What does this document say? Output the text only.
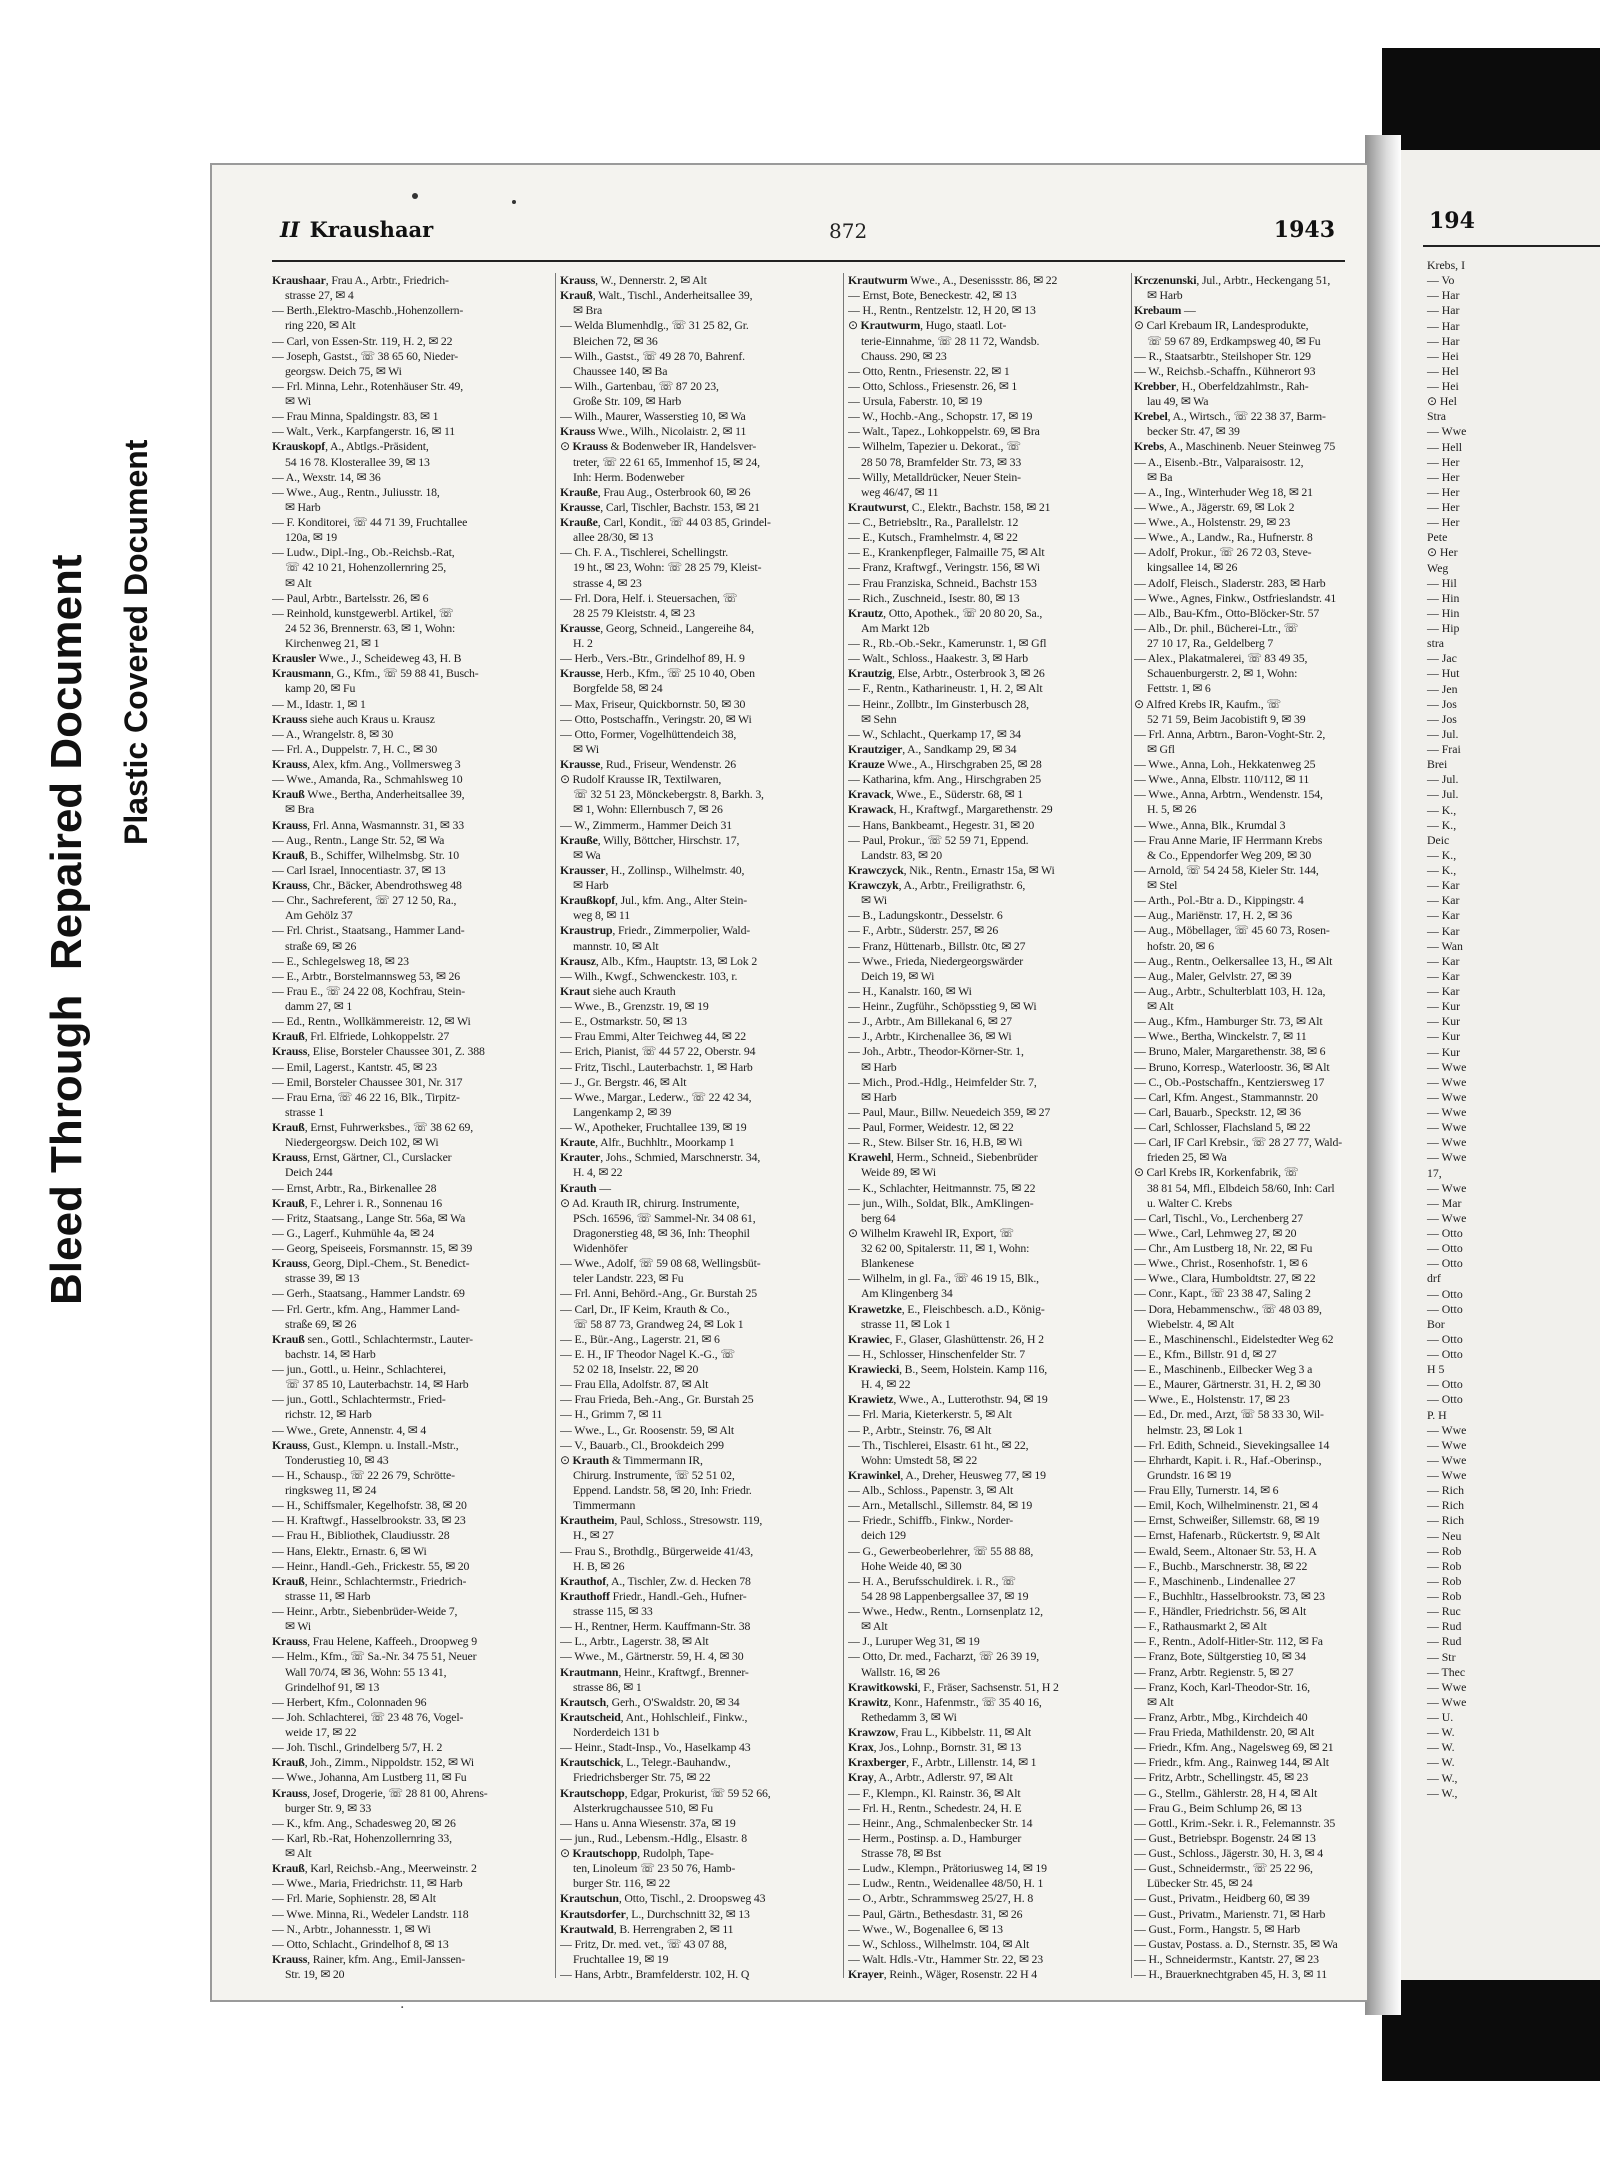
Bleed Through  Repaired Document Plastic Covered Document
II Kraushaar	872	1943
Kraushaar, Frau A., Arbtr., Friedrich-
strasse 27, ✉ 4
— Berth.,Elektro-Maschb.,Hohenzollern-
ring 220, ✉ Alt
— Carl, von Essen-Str. 119, H. 2, ✉ 22
— Joseph, Gastst., ☏ 38 65 60, Nieder-
georgsw. Deich 75, ✉ Wi
— Frl. Minna, Lehr., Rotenhäuser Str. 49,
✉ Wi
— Frau Minna, Spaldingstr. 83, ✉ 1
— Walt., Verk., Karpfangerstr. 16, ✉ 11
Krauskopf, A., Abtlgs.-Präsident,
54 16 78. Klosterallee 39, ✉ 13
— A., Wexstr. 14, ✉ 36
— Wwe., Aug., Rentn., Juliusstr. 18,
✉ Harb
— F. Konditorei, ☏ 44 71 39, Fruchtallee
120a, ✉ 19
— Ludw., Dipl.-Ing., Ob.-Reichsb.-Rat,
☏ 42 10 21, Hohenzollernring 25,
✉ Alt
— Paul, Arbtr., Bartelsstr. 26, ✉ 6
— Reinhold, kunstgewerbl. Artikel, ☏
24 52 36, Brennerstr. 63, ✉ 1, Wohn:
Kirchenweg 21, ✉ 1
Krausler Wwe., J., Scheideweg 43, H. B
Krausmann, G., Kfm., ☏ 59 88 41, Busch-
kamp 20, ✉ Fu
— M., Idastr. 1, ✉ 1
Krauss siehe auch Kraus u. Krausz
— A., Wrangelstr. 8, ✉ 30
— Frl. A., Duppelstr. 7, H. C., ✉ 30
Krauss, Alex, kfm. Ang., Vollmersweg 3
— Wwe., Amanda, Ra., Schmahlsweg 10
Krauß Wwe., Bertha, Anderheitsallee 39,
✉ Bra
Krauss, Frl. Anna, Wasmannstr. 31, ✉ 33
— Aug., Rentn., Lange Str. 52, ✉ Wa
Krauß, B., Schiffer, Wilhelmsbg. Str. 10
— Carl Israel, Innocentiastr. 37, ✉ 13
Krauss, Chr., Bäcker, Abendrothsweg 48
— Chr., Sachreferent, ☏ 27 12 50, Ra.,
Am Gehölz 37
— Frl. Christ., Staatsang., Hammer Land-
straße 69, ✉ 26
— E., Schlegelsweg 18, ✉ 23
— E., Arbtr., Borstelmannsweg 53, ✉ 26
— Frau E., ☏ 24 22 08, Kochfrau, Stein-
damm 27, ✉ 1
— Ed., Rentn., Wollkämmereistr. 12, ✉ Wi
Krauß, Frl. Elfriede, Lohkoppelstr. 27
Krauss, Elise, Borsteler Chaussee 301, Z. 388
— Emil, Lagerst., Kantstr. 45, ✉ 23
— Emil, Borsteler Chaussee 301, Nr. 317
— Frau Erna, ☏ 46 22 16, Blk., Tirpitz-
strasse 1
Krauß, Ernst, Fuhrwerksbes., ☏ 38 62 69,
Niedergeorgsw. Deich 102, ✉ Wi
Krauss, Ernst, Gärtner, Cl., Curslacker
Deich 244
— Ernst, Arbtr., Ra., Birkenallee 28
Krauß, F., Lehrer i. R., Sonnenau 16
— Fritz, Staatsang., Lange Str. 56a, ✉ Wa
— G., Lagerf., Kuhmühle 4a, ✉ 24
— Georg, Speiseeis, Forsmannstr. 15, ✉ 39
Krauss, Georg, Dipl.-Chem., St. Benedict-
strasse 39, ✉ 13
— Gerh., Staatsang., Hammer Landstr. 69
— Frl. Gertr., kfm. Ang., Hammer Land-
straße 69, ✉ 26
Krauß sen., Gottl., Schlachtermstr., Lauter-
bachstr. 14, ✉ Harb
— jun., Gottl., u. Heinr., Schlachterei,
☏ 37 85 10, Lauterbachstr. 14, ✉ Harb
— jun., Gottl., Schlachtermstr., Fried-
richstr. 12, ✉ Harb
— Wwe., Grete, Annenstr. 4, ✉ 4
Krauss, Gust., Klempn. u. Install.-Mstr.,
Tonderustieg 10, ✉ 43
— H., Schausp., ☏ 22 26 79, Schrötte-
ringksweg 11, ✉ 24
— H., Schiffsmaler, Kegelhofstr. 38, ✉ 20
— H. Kraftwgf., Hasselbrookstr. 33, ✉ 23
— Frau H., Bibliothek, Claudiusstr. 28
— Hans, Elektr., Ernastr. 6, ✉ Wi
— Heinr., Handl.-Geh., Frickestr. 55, ✉ 20
Krauß, Heinr., Schlachtermstr., Friedrich-
strasse 11, ✉ Harb
— Heinr., Arbtr., Siebenbrüder-Weide 7,
✉ Wi
Krauss, Frau Helene, Kaffeeh., Droopweg 9
— Helm., Kfm., ☏ Sa.-Nr. 34 75 51, Neuer
Wall 70/74, ✉ 36, Wohn: 55 13 41,
Grindelhof 91, ✉ 13
— Herbert, Kfm., Colonnaden 96
— Joh. Schlachterei, ☏ 23 48 76, Vogel-
weide 17, ✉ 22
— Joh. Tischl., Grindelberg 5/7, H. 2
Krauß, Joh., Zimm., Nippoldstr. 152, ✉ Wi
— Wwe., Johanna, Am Lustberg 11, ✉ Fu
Krauss, Josef, Drogerie, ☏ 28 81 00, Ahrens-
burger Str. 9, ✉ 33
— K., kfm. Ang., Schadesweg 20, ✉ 26
— Karl, Rb.-Rat, Hohenzollernring 33,
✉ Alt
Krauß, Karl, Reichsb.-Ang., Meerweinstr. 2
— Wwe., Maria, Friedrichstr. 11, ✉ Harb
— Frl. Marie, Sophienstr. 28, ✉ Alt
— Wwe. Minna, Ri., Wedeler Landstr. 118
— N., Arbtr., Johannesstr. 1, ✉ Wi
— Otto, Schlacht., Grindelhof 8, ✉ 13
Krauss, Rainer, kfm. Ang., Emil-Janssen-
Str. 19, ✉ 20
Krauss, W., Dennerstr. 2, ✉ Alt
Krauß, Walt., Tischl., Anderheitsallee 39,
✉ Bra
— Welda Blumenhdlg., ☏ 31 25 82, Gr.
Bleichen 72, ✉ 36
— Wilh., Gastst., ☏ 49 28 70, Bahrenf.
Chaussee 140, ✉ Ba
— Wilh., Gartenbau, ☏ 87 20 23,
Große Str. 109, ✉ Harb
— Wilh., Maurer, Wasserstieg 10, ✉ Wa
Krauss Wwe., Wilh., Nicolaistr. 2, ✉ 11
⊙ Krauss & Bodenweber IR, Handelsver-
treter, ☏ 22 61 65, Immenhof 15, ✉ 24,
Inh: Herm. Bodenweber
Krauße, Frau Aug., Osterbrook 60, ✉ 26
Krausse, Carl, Tischler, Bachstr. 153, ✉ 21
Krauße, Carl, Kondit., ☏ 44 03 85, Grindel-
allee 28/30, ✉ 13
— Ch. F. A., Tischlerei, Schellingstr.
19 ht., ✉ 23, Wohn: ☏ 28 25 79, Kleist-
strasse 4, ✉ 23
— Frl. Dora, Helf. i. Steuersachen, ☏
28 25 79 Kleiststr. 4, ✉ 23
Krausse, Georg, Schneid., Langereihe 84,
H. 2
— Herb., Vers.-Btr., Grindelhof 89, H. 9
Krausse, Herb., Kfm., ☏ 25 10 40, Oben
Borgfelde 58, ✉ 24
— Max, Friseur, Quickbornstr. 50, ✉ 30
— Otto, Postschaffn., Veringstr. 20, ✉ Wi
— Otto, Former, Vogelhüttendeich 38,
✉ Wi
Krausse, Rud., Friseur, Wendenstr. 26
⊙ Rudolf Krausse IR, Textilwaren,
☏ 32 51 23, Mönckebergstr. 8, Barkh. 3,
✉ 1, Wohn: Ellernbusch 7, ✉ 26
— W., Zimmerm., Hammer Deich 31
Krauße, Willy, Böttcher, Hirschstr. 17,
✉ Wa
Krausser, H., Zollinsp., Wilhelmstr. 40,
✉ Harb
Kraußkopf, Jul., kfm. Ang., Alter Stein-
weg 8, ✉ 11
Kraustrup, Friedr., Zimmerpolier, Wald-
mannstr. 10, ✉ Alt
Krausz, Alb., Kfm., Hauptstr. 13, ✉ Lok 2
— Wilh., Kwgf., Schwenckestr. 103, r.
Kraut siehe auch Krauth
— Wwe., B., Grenzstr. 19, ✉ 19
— E., Ostmarkstr. 50, ✉ 13
— Frau Emmi, Alter Teichweg 44, ✉ 22
— Erich, Pianist, ☏ 44 57 22, Oberstr. 94
— Fritz, Tischl., Lauterbachstr. 1, ✉ Harb
— J., Gr. Bergstr. 46, ✉ Alt
— Wwe., Margar., Lederw., ☏ 22 42 34,
Langenkamp 2, ✉ 39
— W., Apotheker, Fruchtallee 139, ✉ 19
Kraute, Alfr., Buchhltr., Moorkamp 1
Krauter, Johs., Schmied, Marschnerstr. 34,
H. 4, ✉ 22
Krauth —
⊙ Ad. Krauth IR, chirurg. Instrumente,
PSch. 16596, ☏ Sammel-Nr. 34 08 61,
Dragonerstieg 48, ✉ 36, Inh: Theophil
Widenhöfer
— Wwe., Adolf, ☏ 59 08 68, Wellingsbüt-
teler Landstr. 223, ✉ Fu
— Frl. Anni, Behörd.-Ang., Gr. Burstah 25
— Carl, Dr., IF Keim, Krauth & Co.,
☏ 58 87 73, Grandweg 24, ✉ Lok 1
— E., Bür.-Ang., Lagerstr. 21, ✉ 6
— E. H., IF Theodor Nagel K.-G., ☏
52 02 18, Inselstr. 22, ✉ 20
— Frau Ella, Adolfstr. 87, ✉ Alt
— Frau Frieda, Beh.-Ang., Gr. Burstah 25
— H., Grimm 7, ✉ 11
— Wwe., L., Gr. Roosenstr. 59, ✉ Alt
— V., Bauarb., Cl., Brookdeich 299
⊙ Krauth & Timmermann IR,
Chirurg. Instrumente, ☏ 52 51 02,
Eppend. Landstr. 58, ✉ 20, Inh: Friedr.
Timmermann
Krautheim, Paul, Schloss., Stresowstr. 119,
H., ✉ 27
— Frau S., Brothdlg., Bürgerweide 41/43,
H. B, ✉ 26
Krauthof, A., Tischler, Zw. d. Hecken 78
Krauthoff Friedr., Handl.-Geh., Hufner-
strasse 115, ✉ 33
— H., Rentner, Herm. Kauffmann-Str. 38
— L., Arbtr., Lagerstr. 38, ✉ Alt
— Wwe., M., Gärtnerstr. 59, H. 4, ✉ 30
Krautmann, Heinr., Kraftwgf., Brenner-
strasse 86, ✉ 1
Krautsch, Gerh., O'Swaldstr. 20, ✉ 34
Krautscheid, Ant., Hohlschleif., Finkw.,
Norderdeich 131 b
— Heinr., Stadt-Insp., Vo., Haselkamp 43
Krautschick, L., Telegr.-Bauhandw.,
Friedrichsberger Str. 75, ✉ 22
Krautschopp, Edgar, Prokurist, ☏ 59 52 66,
Alsterkrugchaussee 510, ✉ Fu
— Hans u. Anna Wiesenstr. 37a, ✉ 19
— jun., Rud., Lebensm.-Hdlg., Elsastr. 8
⊙ Krautschopp, Rudolph, Tape-
ten, Linoleum ☏ 23 50 76, Hamb-
burger Str. 116, ✉ 22
Krautschun, Otto, Tischl., 2. Droopsweg 43
Krautsdorfer, L., Durchschnitt 32, ✉ 13
Krautwald, B. Herrengraben 2, ✉ 11
— Fritz, Dr. med. vet., ☏ 43 07 88,
Fruchtallee 19, ✉ 19
— Hans, Arbtr., Bramfelderstr. 102, H. Q
Krautwurm Wwe., A., Desenissstr. 86, ✉ 22
— Ernst, Bote, Beneckestr. 42, ✉ 13
— H., Rentn., Rentzelstr. 12, H 20, ✉ 13
⊙ Krautwurm, Hugo, staatl. Lot-
terie-Einnahme, ☏ 28 11 72, Wandsb.
Chauss. 290, ✉ 23
— Otto, Rentn., Friesenstr. 22, ✉ 1
— Otto, Schloss., Friesenstr. 26, ✉ 1
— Ursula, Faberstr. 10, ✉ 19
— W., Hochb.-Ang., Schopstr. 17, ✉ 19
— Walt., Tapez., Lohkoppelstr. 69, ✉ Bra
— Wilhelm, Tapezier u. Dekorat., ☏
28 50 78, Bramfelder Str. 73, ✉ 33
— Willy, Metalldrücker, Neuer Stein-
weg 46/47, ✉ 11
Krautwurst, C., Elektr., Bachstr. 158, ✉ 21
— C., Betriebsltr., Ra., Parallelstr. 12
— E., Kutsch., Framhelmstr. 4, ✉ 22
— E., Krankenpfleger, Falmaille 75, ✉ Alt
— Franz, Kraftwgf., Veringstr. 156, ✉ Wi
— Frau Franziska, Schneid., Bachstr 153
— Rich., Zuschneid., Isestr. 80, ✉ 13
Krautz, Otto, Apothek., ☏ 20 80 20, Sa.,
Am Markt 12b
— R., Rb.-Ob.-Sekr., Kamerunstr. 1, ✉ Gfl
— Walt., Schloss., Haakestr. 3, ✉ Harb
Krautzig, Else, Arbtr., Osterbrook 3, ✉ 26
— F., Rentn., Katharineustr. 1, H. 2, ✉ Alt
— Heinr., Zollbtr., Im Ginsterbusch 28,
✉ Sehn
— W., Schlacht., Querkamp 17, ✉ 34
Krautziger, A., Sandkamp 29, ✉ 34
Krauze Wwe., A., Hirschgraben 25, ✉ 28
— Katharina, kfm. Ang., Hirschgraben 25
Kravack, Wwe., E., Süderstr. 68, ✉ 1
Krawack, H., Kraftwgf., Margarethenstr. 29
— Hans, Bankbeamt., Hegestr. 31, ✉ 20
— Paul, Prokur., ☏ 52 59 71, Eppend.
Landstr. 83, ✉ 20
Krawczyck, Nik., Rentn., Ernastr 15a, ✉ Wi
Krawczyk, A., Arbtr., Freiligrathstr. 6,
✉ Wi
— B., Ladungskontr., Desselstr. 6
— F., Arbtr., Süderstr. 257, ✉ 26
— Franz, Hüttenarb., Billstr. 0tc, ✉ 27
— Wwe., Frieda, Niedergeorgswärder
Deich 19, ✉ Wi
— H., Kanalstr. 160, ✉ Wi
— Heinr., Zugführ., Schöpsstieg 9, ✉ Wi
— J., Arbtr., Am Billekanal 6, ✉ 27
— J., Arbtr., Kirchenallee 36, ✉ Wi
— Joh., Arbtr., Theodor-Körner-Str. 1,
✉ Harb
— Mich., Prod.-Hdlg., Heimfelder Str. 7,
✉ Harb
— Paul, Maur., Billw. Neuedeich 359, ✉ 27
— Paul, Former, Weidestr. 12, ✉ 22
— R., Stew. Bilser Str. 16, H.B, ✉ Wi
Krawehl, Herm., Schneid., Siebenbrüder
Weide 89, ✉ Wi
— K., Schlachter, Heitmannstr. 75, ✉ 22
— jun., Wilh., Soldat, Blk., AmKlingen-
berg 64
⊙ Wilhelm Krawehl IR, Export, ☏
32 62 00, Spitalerstr. 11, ✉ 1, Wohn:
Blankenese
— Wilhelm, in gl. Fa., ☏ 46 19 15, Blk.,
Am Klingenberg 34
Krawetzke, E., Fleischbesch. a.D., König-
strasse 11, ✉ Lok 1
Krawiec, F., Glaser, Glashüttenstr. 26, H 2
— H., Schlosser, Hinschenfelder Str. 7
Krawiecki, B., Seem, Holstein. Kamp 116,
H. 4, ✉ 22
Krawietz, Wwe., A., Lutterothstr. 94, ✉ 19
— Frl. Maria, Kieterkerstr. 5, ✉ Alt
— P., Arbtr., Steinstr. 76, ✉ Alt
— Th., Tischlerei, Elsastr. 61 ht., ✉ 22,
Wohn: Umstedt 58, ✉ 22
Krawinkel, A., Dreher, Heusweg 77, ✉ 19
— Alb., Schloss., Papenstr. 3, ✉ Alt
— Arn., Metallschl., Sillemstr. 84, ✉ 19
— Friedr., Schiffb., Finkw., Norder-
deich 129
— G., Gewerbeoberlehrer, ☏ 55 88 88,
Hohe Weide 40, ✉ 30
— H. A., Berufsschuldirek. i. R., ☏
54 28 98 Lappenbergsallee 37, ✉ 19
— Wwe., Hedw., Rentn., Lornsenplatz 12,
✉ Alt
— J., Luruper Weg 31, ✉ 19
— Otto, Dr. med., Facharzt, ☏ 26 39 19,
Wallstr. 16, ✉ 26
Krawitkowski, F., Fräser, Sachsenstr. 51, H 2
Krawitz, Konr., Hafenmstr., ☏ 35 40 16,
Rethedamm 3, ✉ Wi
Krawzow, Frau L., Kibbelstr. 11, ✉ Alt
Krax, Jos., Lohnp., Bornstr. 31, ✉ 13
Kraxberger, F., Arbtr., Lillenstr. 14, ✉ 1
Kray, A., Arbtr., Adlerstr. 97, ✉ Alt
— F., Klempn., Kl. Rainstr. 36, ✉ Alt
— Frl. H., Rentn., Schedestr. 24, H. E
— Heinr., Ang., Schmalenbecker Str. 14
— Herm., Postinsp. a. D., Hamburger
Strasse 78, ✉ Bst
— Ludw., Klempn., Prätoriusweg 14, ✉ 19
— Ludw., Rentn., Weidenallee 48/50, H. 1
— O., Arbtr., Schrammsweg 25/27, H. 8
— Paul, Gärtn., Bethesdastr. 31, ✉ 26
— Wwe., W., Bogenallee 6, ✉ 13
— W., Schloss., Wilhelmstr. 104, ✉ Alt
— Walt. Hdls.-Vtr., Hammer Str. 22, ✉ 23
Krayer, Reinh., Wäger, Rosenstr. 22 H 4
Krczenunski, Jul., Arbtr., Heckengang 51,
✉ Harb
Krebaum —
⊙ Carl Krebaum IR, Landesprodukte,
☏ 59 67 89, Erdkampsweg 40, ✉ Fu
— R., Staatsarbtr., Steilshoper Str. 129
— W., Reichsb.-Schaffn., Kühnerort 93
Krebber, H., Oberfeldzahlmstr., Rah-
lau 49, ✉ Wa
Krebel, A., Wirtsch., ☏ 22 38 37, Barm-
becker Str. 47, ✉ 39
Krebs, A., Maschinenb. Neuer Steinweg 75
— A., Eisenb.-Btr., Valparaisostr. 12,
✉ Ba
— A., Ing., Winterhuder Weg 18, ✉ 21
— Wwe., A., Jägerstr. 69, ✉ Lok 2
— Wwe., A., Holstenstr. 29, ✉ 23
— Wwe., A., Landw., Ra., Hufnerstr. 8
— Adolf, Prokur., ☏ 26 72 03, Steve-
kingsallee 14, ✉ 26
— Adolf, Fleisch., Sladerstr. 283, ✉ Harb
— Wwe., Agnes, Finkw., Ostfrieslandstr. 41
— Alb., Bau-Kfm., Otto-Blöcker-Str. 57
— Alb., Dr. phil., Bücherei-Ltr., ☏
27 10 17, Ra., Geldelberg 7
— Alex., Plakatmalerei, ☏ 83 49 35,
Schauenburgerstr. 2, ✉ 1, Wohn:
Fettstr. 1, ✉ 6
⊙ Alfred Krebs IR, Kaufm., ☏
52 71 59, Beim Jacobistift 9, ✉ 39
— Frl. Anna, Arbtrn., Baron-Voght-Str. 2,
✉ Gfl
— Wwe., Anna, Loh., Hekkatenweg 25
— Wwe., Anna, Elbstr. 110/112, ✉ 11
— Wwe., Anna, Arbtrn., Wendenstr. 154,
H. 5, ✉ 26
— Wwe., Anna, Blk., Krumdal 3
— Frau Anne Marie, IF Herrmann Krebs
& Co., Eppendorfer Weg 209, ✉ 30
— Arnold, ☏ 54 24 58, Kieler Str. 144,
✉ Stel
— Arth., Pol.-Btr a. D., Kippingstr. 4
— Aug., Mariënstr. 17, H. 2, ✉ 36
— Aug., Möbellager, ☏ 45 60 73, Rosen-
hofstr. 20, ✉ 6
— Aug., Rentn., Oelkersallee 13, H., ✉ Alt
— Aug., Maler, Gelvlstr. 27, ✉ 39
— Aug., Arbtr., Schulterblatt 103, H. 12a,
✉ Alt
— Aug., Kfm., Hamburger Str. 73, ✉ Alt
— Wwe., Bertha, Winckelstr. 7, ✉ 11
— Bruno, Maler, Margarethenstr. 38, ✉ 6
— Bruno, Korresp., Waterloostr. 36, ✉ Alt
— C., Ob.-Postschaffn., Kentziersweg 17
— Carl, Kfm. Angest., Stammannstr. 20
— Carl, Bauarb., Speckstr. 12, ✉ 36
— Carl, Schlosser, Flachsland 5, ✉ 22
— Carl, IF Carl Krebsir., ☏ 28 27 77, Wald-
frieden 25, ✉ Wa
⊙ Carl Krebs IR, Korkenfabrik, ☏
38 81 54, Mfl., Elbdeich 58/60, Inh: Carl
u. Walter C. Krebs
— Carl, Tischl., Vo., Lerchenberg 27
— Wwe., Carl, Lehmweg 27, ✉ 20
— Chr., Am Lustberg 18, Nr. 22, ✉ Fu
— Wwe., Christ., Rosenhofstr. 1, ✉ 6
— Wwe., Clara, Humboldtstr. 27, ✉ 22
— Conr., Kapt., ☏ 23 38 47, Saling 2
— Dora, Hebammenschw., ☏ 48 03 89,
Wiebelstr. 4, ✉ Alt
— E., Maschinenschl., Eidelstedter Weg 62
— E., Kfm., Billstr. 91 d, ✉ 27
— E., Maschinenb., Eilbecker Weg 3 a
— E., Maurer, Gärtnerstr. 31, H. 2, ✉ 30
— Wwe., E., Holstenstr. 17, ✉ 23
— Ed., Dr. med., Arzt, ☏ 58 33 30, Wil-
helmstr. 23, ✉ Lok 1
— Frl. Edith, Schneid., Sievekingsallee 14
— Ehrhardt, Kapit. i. R., Haf.-Oberinsp.,
Grundstr. 16 ✉ 19
— Frau Elly, Turnerstr. 14, ✉ 6
— Emil, Koch, Wilhelminenstr. 21, ✉ 4
— Ernst, Schweißer, Sillemstr. 68, ✉ 19
— Ernst, Hafenarb., Rückertstr. 9, ✉ Alt
— Ewald, Seem., Altonaer Str. 53, H. A
— F., Buchb., Marschnerstr. 38, ✉ 22
— F., Maschinenb., Lindenallee 27
— F., Buchhltr., Hasselbrookstr. 73, ✉ 23
— F., Händler, Friedrichstr. 56, ✉ Alt
— F., Rathausmarkt 2, ✉ Alt
— F., Rentn., Adolf-Hitler-Str. 112, ✉ Fa
— Franz, Bote, Sültgerstieg 10, ✉ 34
— Franz, Arbtr. Regienstr. 5, ✉ 27
— Franz, Koch, Karl-Theodor-Str. 16,
✉ Alt
— Franz, Arbtr., Mbg., Kirchdeich 40
— Frau Frieda, Mathildenstr. 20, ✉ Alt
— Friedr., Kfm. Ang., Nagelsweg 69, ✉ 21
— Friedr., kfm. Ang., Rainweg 144, ✉ Alt
— Fritz, Arbtr., Schellingstr. 45, ✉ 23
— G., Stellm., Gählerstr. 28, H 4, ✉ Alt
— Frau G., Beim Schlump 26, ✉ 13
— Gottl., Krim.-Sekr. i. R., Felemannstr. 35
— Gust., Betriebspr. Bogenstr. 24 ✉ 13
— Gust., Schloss., Jägerstr. 30, H. 3, ✉ 4
— Gust., Schneidermstr., ☏ 25 22 96,
Lübecker Str. 45, ✉ 24
— Gust., Privatm., Heidberg 60, ✉ 39
— Gust., Privatm., Marienstr. 71, ✉ Harb
— Gust., Form., Hangstr. 5, ✉ Harb
— Gustav, Postass. a. D., Sternstr. 35, ✉ Wa
— H., Schneidermstr., Kantstr. 27, ✉ 23
— H., Brauerknechtgraben 45, H. 3, ✉ 11
194
Krebs, I
— Vo
— Har
— Har
— Har
— Har
— Hei
— Hel
— Hei
⊙ Hel
Stra
— Wwe
— Hell
— Her
— Her
— Her
— Her
— Her
Pete
⊙ Her
Weg
— Hil
— Hin
— Hin
— Hip
stra
— Jac
— Hut
— Jen
— Jos
— Jos
— Jul.
— Frai
Brei
— Jul.
— Jul.
— K.,
— K.,
Deic
— K.,
— K.,
— Kar
— Kar
— Kar
— Kar
— Wan
— Kar
— Kar
— Kar
— Kur
— Kur
— Kur
— Kur
— Wwe
— Wwe
— Wwe
— Wwe
— Wwe
— Wwe
— Wwe
17,
— Wwe
— Mar
— Wwe
— Otto
— Otto
— Otto
drf
— Otto
— Otto
Bor
— Otto
— Otto
H 5
— Otto
— Otto
P. H
— Wwe
— Wwe
— Wwe
— Wwe
— Rich
— Rich
— Rich
— Neu
— Rob
— Rob
— Rob
— Rob
— Ruc
— Rud
— Rud
— Str
— Thec
— Wwe
— Wwe
— U.
— W.
— W.
— W.
— W.,
— W.,
·
